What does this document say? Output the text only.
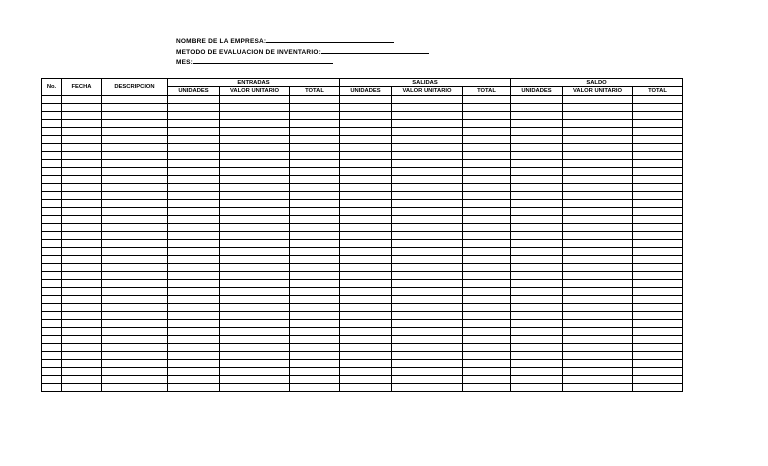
NOMBRE DE LA EMPRESA:
METODO DE EVALUACION DE INVENTARIO:
MES:
No.	FECHA	DESCRIPCION	ENTRADAS			SALIDAS			SALDO		
			UNIDADES	VALOR UNITARIO	TOTAL	UNIDADES	VALOR UNITARIO	TOTAL	UNIDADES	VALOR UNITARIO	TOTAL
